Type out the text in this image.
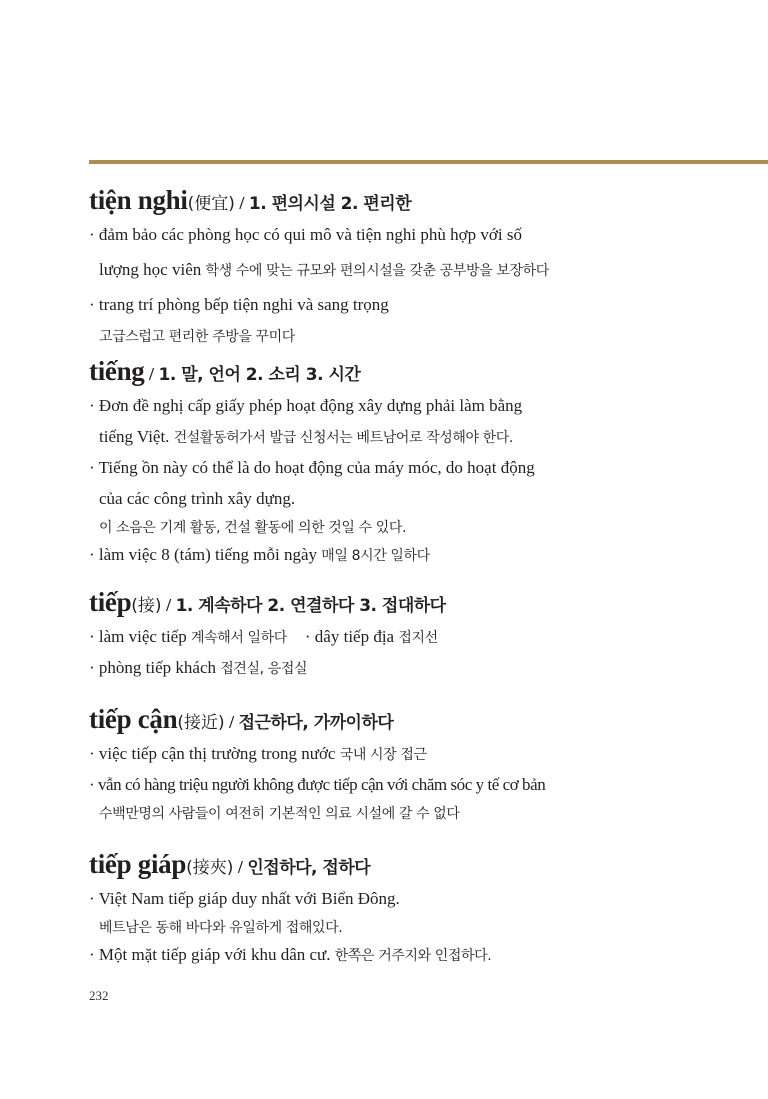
tiện nghi(便宜) / 1. 편의시설 2. 편리한
· đảm bảo các phòng học có qui mô và tiện nghi phù hợp với số
lượng học viên 학생 수에 맞는 규모와 편의시설을 갖춘 공부방을 보장하다
· trang trí phòng bếp tiện nghi và sang trọng
고급스럽고 편리한 주방을 꾸미다
tiếng / 1. 말, 언어 2. 소리 3. 시간
· Đơn đề nghị cấp giấy phép hoạt động xây dựng phải làm bằng
tiếng Việt. 건설활동허가서 발급 신청서는 베트남어로 작성해야 한다.
· Tiếng ồn này có thể là do hoạt động của máy móc, do hoạt động
của các công trình xây dựng.
이 소음은 기계 활동, 건설 활동에 의한 것일 수 있다.
· làm việc 8 (tám) tiếng mỗi ngày 매일 8시간 일하다
tiếp(接) / 1. 계속하다 2. 연결하다 3. 접대하다
· làm việc tiếp 계속해서 일하다 · dây tiếp địa 접지선
· phòng tiếp khách 접견실, 응접실
tiếp cận(接近) / 접근하다, 가까이하다
· việc tiếp cận thị trường trong nước 국내 시장 접근
· vẫn có hàng triệu người không được tiếp cận với chăm sóc y tế cơ bản
수백만명의 사람들이 여전히 기본적인 의료 시설에 갈 수 없다
tiếp giáp(接夾) / 인접하다, 접하다
· Việt Nam tiếp giáp duy nhất với Biển Đông.
베트남은 동해 바다와 유일하게 접해있다.
· Một mặt tiếp giáp với khu dân cư. 한쪽은 거주지와 인접하다.
232
